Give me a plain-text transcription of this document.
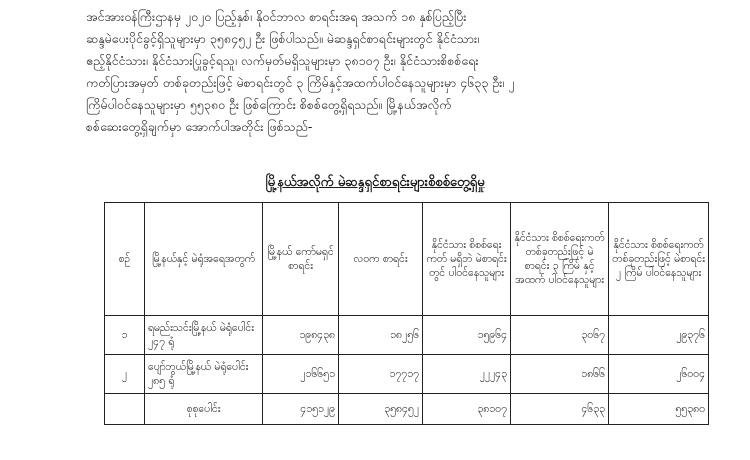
အင်အားဝန်ကြီးဌာနမှ ၂၀၂၀ ပြည့်နှစ်၊ နိုဝင်ဘာလ စာရင်းအရ အသက် ၁၈ နှစ်ပြည့်ပြီး
ဆန္ဒမဲပေးပိုင်ခွင့်ရှိသူများမှာ ၃၅၈၄၅၂ ဦး ဖြစ်ပါသည်။ မဲဆန္ဒရှင်စာရင်းများတွင် နိုင်ငံသား၊
ဧည့်နိုင်ငံသား၊ နိုင်ငံသားပြုခွင့်ရသူ၊ လက်မှတ်မရှိသူများမှာ ၃၈၁၀၇ ဦး၊ နိုင်ငံသားစိစစ်ရေး
ကတ်ပြားအမှတ် တစ်ခုတည်းဖြင့် မဲစာရင်းတွင် ၃ ကြိမ်နှင့်အထက်ပါဝင်နေသူများမှာ ၄၆၃၃ ဦး၊ ၂
ကြိမ်ပါဝင်နေသူများမှာ ၅၅၃၈၀ ဦး ဖြစ်ကြောင်း စိစစ်တွေ့ရှိရသည်။ မြို့နယ်အလိုက်
စစ်ဆေးတွေ့ရှိချက်မှာ အောက်ပါအတိုင်း ဖြစ်သည်-
မြို့နယ်အလိုက် မဲဆန္ဒရှင်စာရင်းများစိစစ်တွေ့ရှိမှု
စဉ်	မြို့နယ်နှင့် မဲရုံအရေအတွက်	မြို့နယ် ကော်မရှင် စာရင်း	လဝက စာရင်း	နိုင်ငံသား စိစစ်ရေးကတ် မရှိဘဲ မဲစာရင်းတွင် ပါဝင်နေသူများ	နိုင်ငံသား စိစစ်ရေးကတ် တစ်ခုတည်းဖြင့် မဲစာရင်း ၃ ကြိမ် နှင့်အထက် ပါဝင်နေသူများ	နိုင်ငံသား စိစစ်ရေးကတ် တစ်ခုတည်းဖြင့် မဲစာရင်း ၂ ကြိမ် ပါဝင်နေသူများ
၁	ရမည်းသင်းမြို့နယ် မဲရုံပေါင်း ၂၄၇ ရုံ	၁၉၈၄၃၈	၁၈၂၅၆	၁၅၉၆၄	၃၀၆၇	၂၉၃၇၆
၂	ပျော်ဘွယ်မြို့နယ် မဲရုံပေါင်း ၂၈၅ ရုံ	၂၁၆၆၅၁	၁၇၇၁၇	၂၂၂၄၃	၁၈၆၆	၂၆၀၀၄
	စုစုပေါင်း	၄၁၅၁၂၉	၃၅၈၄၅၂	၃၈၁၀၇	၄၆၃၃	၅၅၃၈၀
